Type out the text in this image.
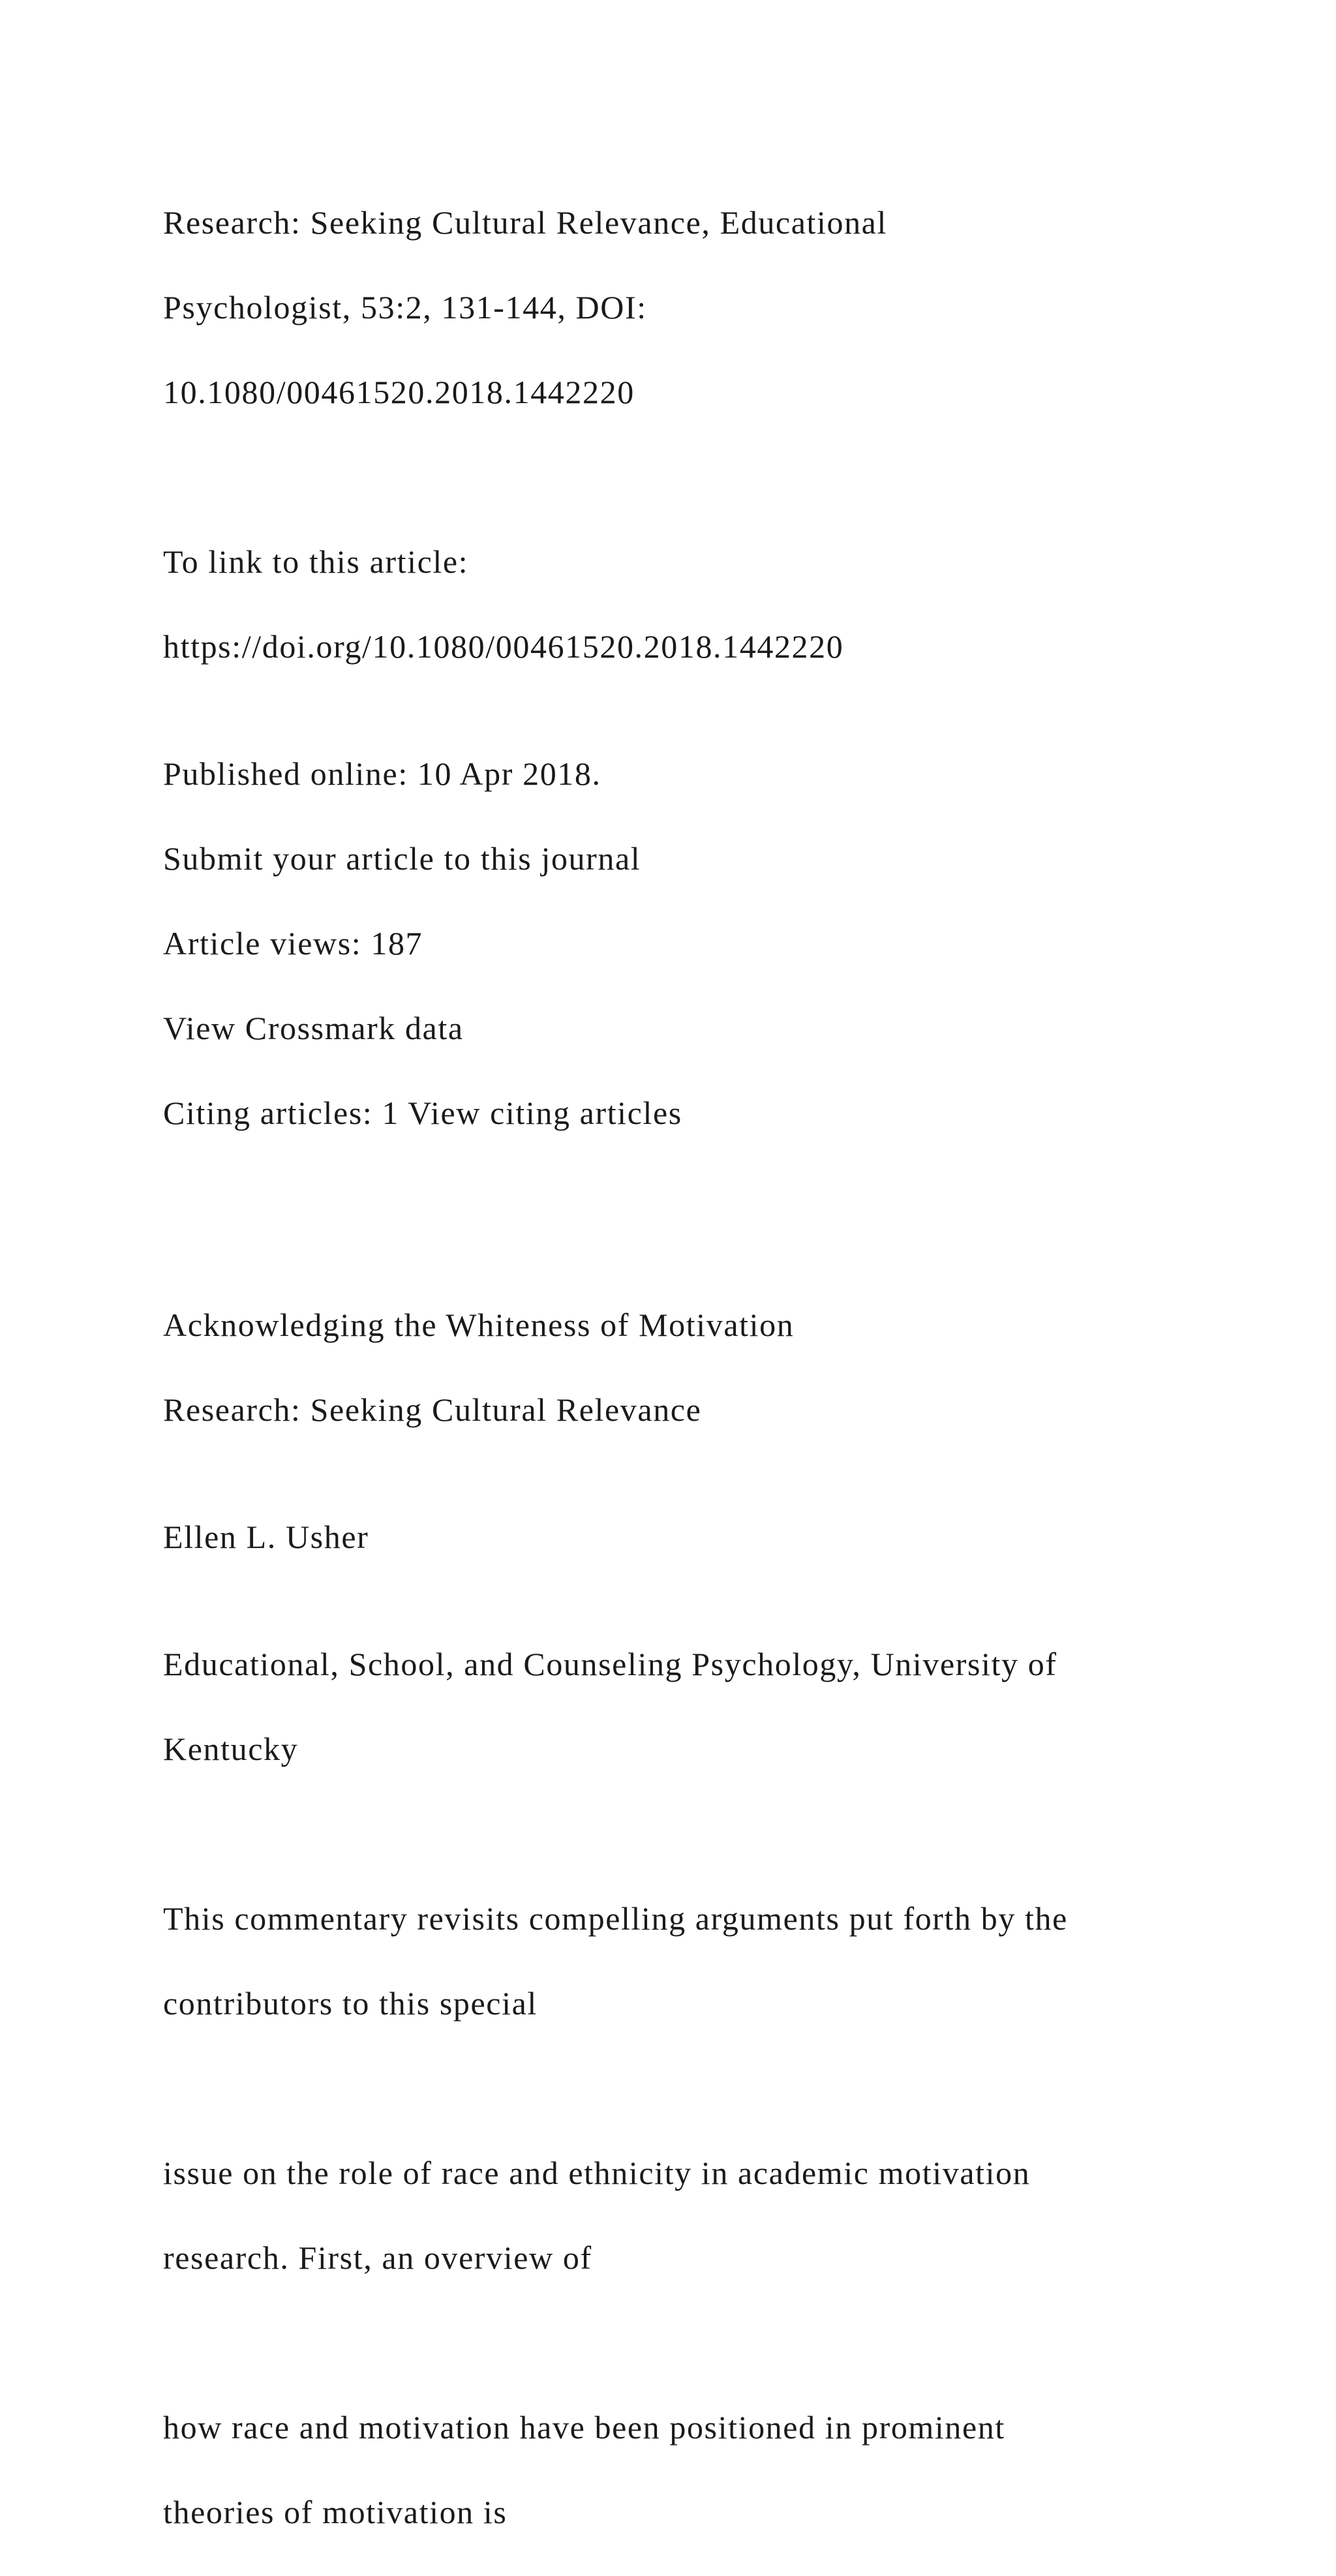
Research: Seeking Cultural Relevance, Educational

Psychologist, 53:2, 131-144, DOI:

10.1080/00461520.2018.1442220

To link to this article:

https://doi.org/10.1080/00461520.2018.1442220

Published online: 10 Apr 2018.

Submit your article to this journal

Article views: 187

View Crossmark data

Citing articles: 1 View citing articles

Acknowledging the Whiteness of Motivation

Research: Seeking Cultural Relevance

Ellen L. Usher

Educational, School, and Counseling Psychology, University of

Kentucky

This commentary revisits compelling arguments put forth by the

contributors to this special

issue on the role of race and ethnicity in academic motivation

research. First, an overview of

how race and motivation have been positioned in prominent

theories of motivation is
